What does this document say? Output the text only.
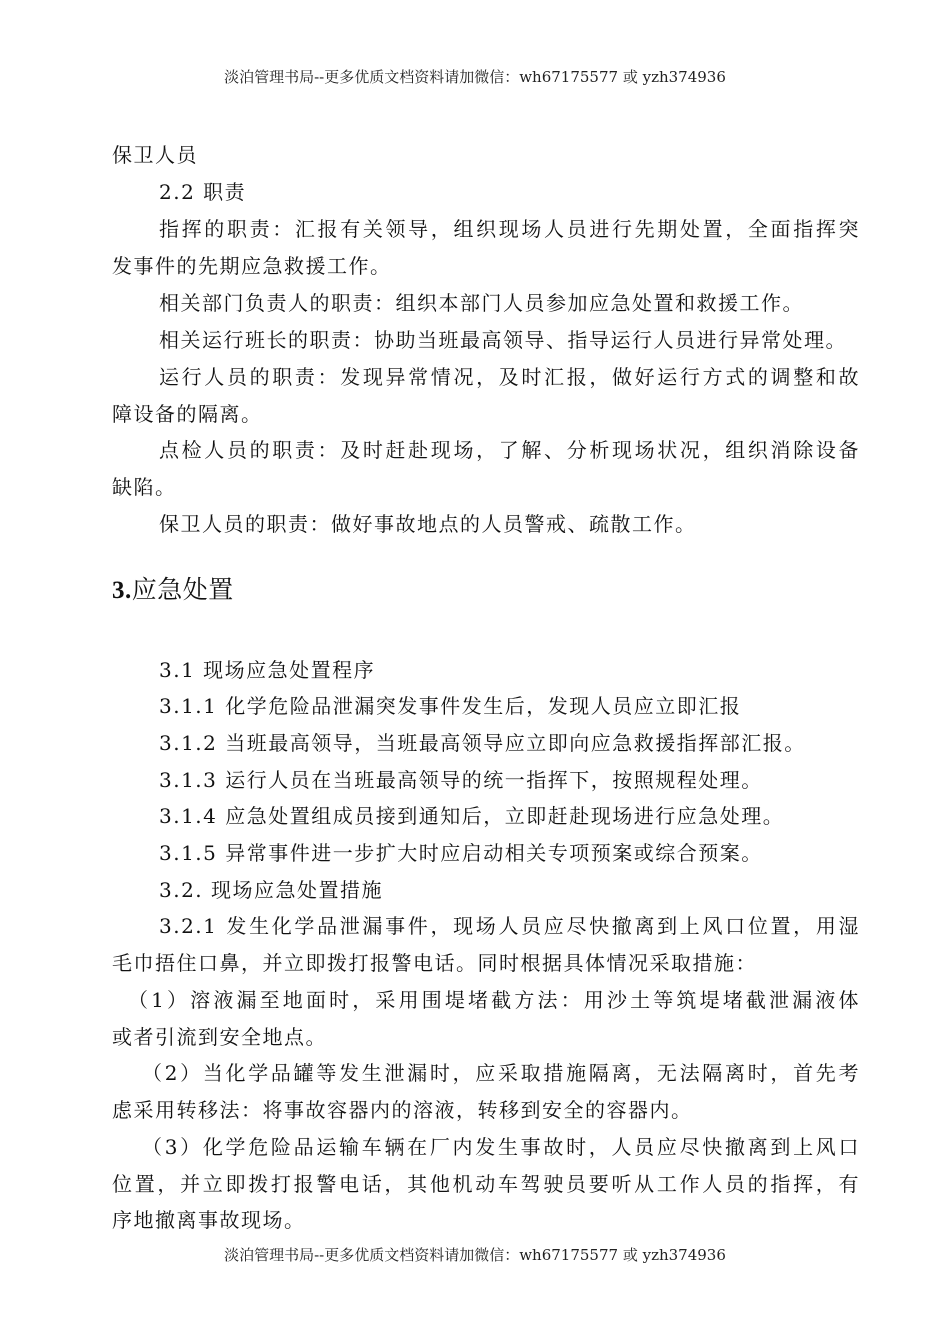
淡泊管理书局--更多优质文档资料请加微信：wh67175577 或 yzh374936
保卫人员
2.2 职责
指挥的职责：汇报有关领导，组织现场人员进行先期处置，全面指挥突
发事件的先期应急救援工作。
相关部门负责人的职责：组织本部门人员参加应急处置和救援工作。
相关运行班长的职责：协助当班最高领导、指导运行人员进行异常处理。
运行人员的职责：发现异常情况，及时汇报，做好运行方式的调整和故
障设备的隔离。
点检人员的职责：及时赶赴现场，了解、分析现场状况，组织消除设备
缺陷。
保卫人员的职责：做好事故地点的人员警戒、疏散工作。
3.应急处置
3.1 现场应急处置程序
3.1.1 化学危险品泄漏突发事件发生后，发现人员应立即汇报
3.1.2 当班最高领导，当班最高领导应立即向应急救援指挥部汇报。
3.1.3 运行人员在当班最高领导的统一指挥下，按照规程处理。
3.1.4 应急处置组成员接到通知后，立即赶赴现场进行应急处理。
3.1.5 异常事件进一步扩大时应启动相关专项预案或综合预案。
3.2. 现场应急处置措施
3.2.1 发生化学品泄漏事件，现场人员应尽快撤离到上风口位置，用湿
毛巾捂住口鼻，并立即拨打报警电话。同时根据具体情况采取措施：
（1）溶液漏至地面时，采用围堤堵截方法：用沙土等筑堤堵截泄漏液体
或者引流到安全地点。
（2）当化学品罐等发生泄漏时，应采取措施隔离，无法隔离时，首先考
虑采用转移法：将事故容器内的溶液，转移到安全的容器内。
（3）化学危险品运输车辆在厂内发生事故时，人员应尽快撤离到上风口
位置，并立即拨打报警电话，其他机动车驾驶员要听从工作人员的指挥，有
序地撤离事故现场。
淡泊管理书局--更多优质文档资料请加微信：wh67175577 或 yzh374936
